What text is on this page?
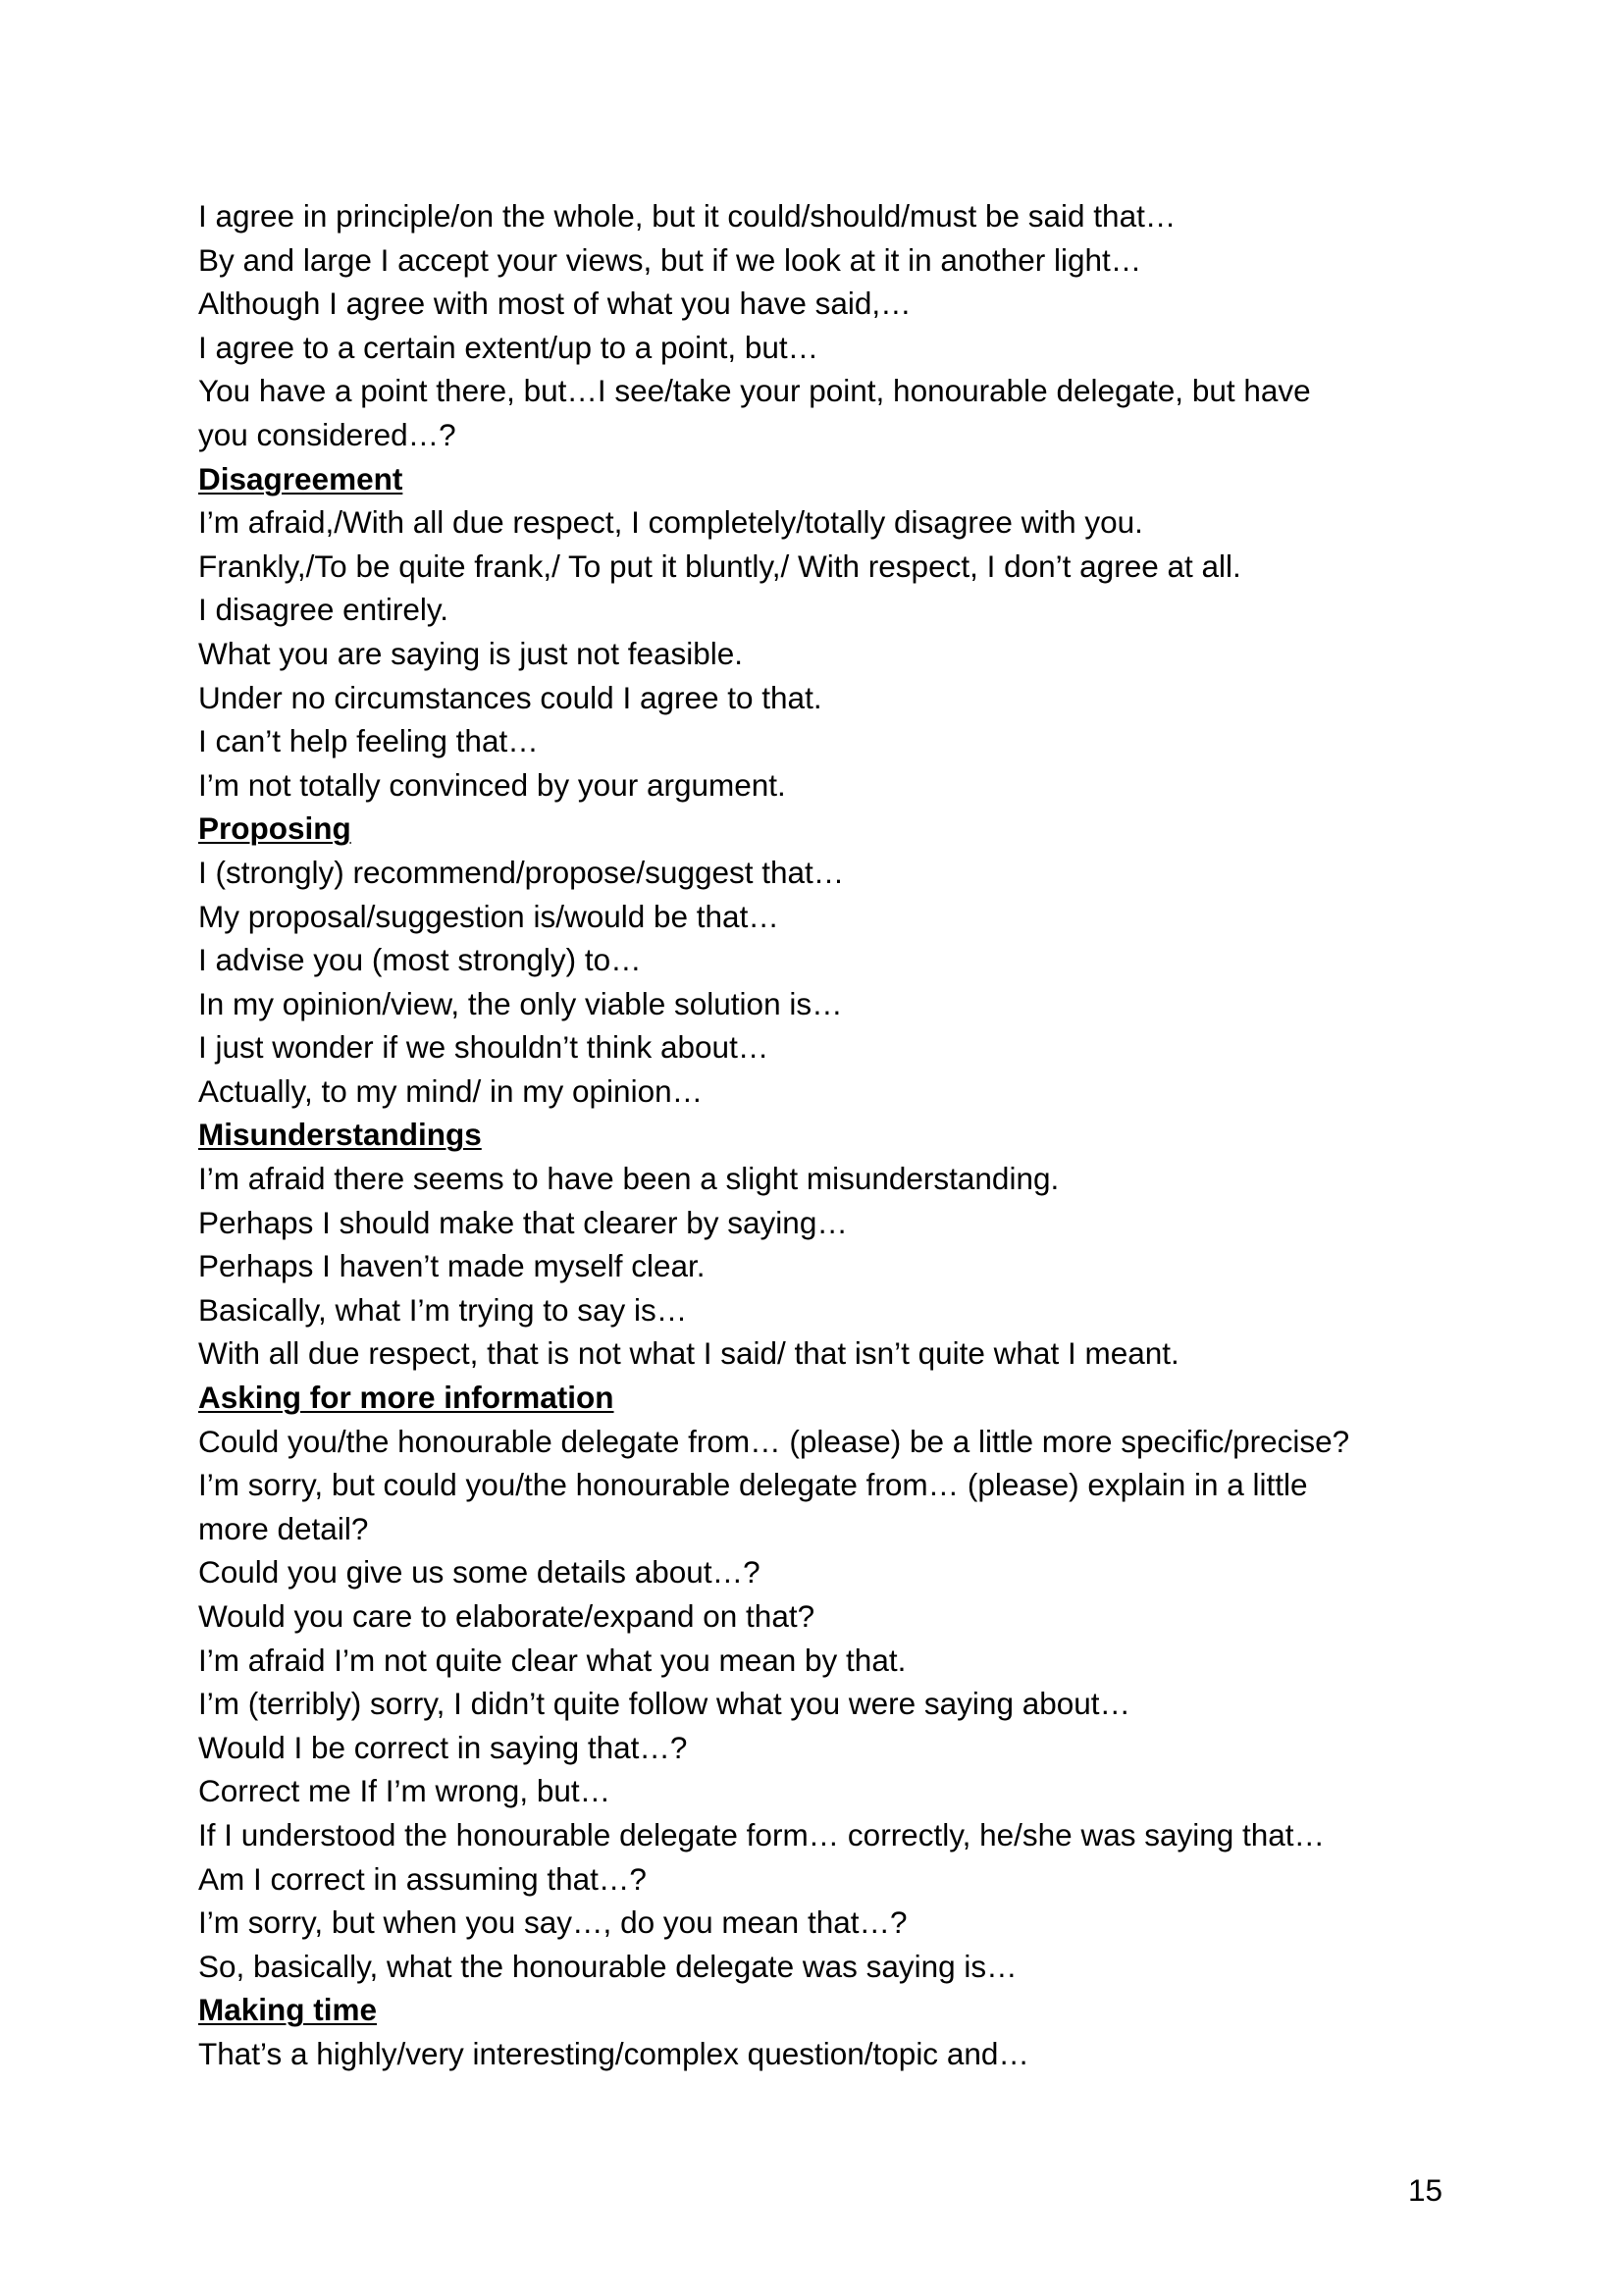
I agree in principle/on the whole, but it could/should/must be said that…
By and large I accept your views, but if we look at it in another light…
Although I agree with most of what you have said,…
I agree to a certain extent/up to a point, but…
You have a point there, but…I see/take your point, honourable delegate, but have
you considered…?
Disagreement
I’m afraid,/With all due respect, I completely/totally disagree with you.
Frankly,/To be quite frank,/ To put it bluntly,/ With respect, I don’t agree at all.
I disagree entirely.
What you are saying is just not feasible.
Under no circumstances could I agree to that.
I can’t help feeling that…
I’m not totally convinced by your argument.
Proposing
I (strongly) recommend/propose/suggest that…
My proposal/suggestion is/would be that…
I advise you (most strongly) to…
In my opinion/view, the only viable solution is…
I just wonder if we shouldn’t think about…
Actually, to my mind/ in my opinion…
Misunderstandings
I’m afraid there seems to have been a slight misunderstanding.
Perhaps I should make that clearer by saying…
Perhaps I haven’t made myself clear.
Basically, what I’m trying to say is…
With all due respect, that is not what I said/ that isn’t quite what I meant.
Asking for more information
Could you/the honourable delegate from… (please) be a little more specific/precise?
I’m sorry, but could you/the honourable delegate from… (please) explain in a little
more detail?
Could you give us some details about…?
Would you care to elaborate/expand on that?
I’m afraid I’m not quite clear what you mean by that.
I’m (terribly) sorry, I didn’t quite follow what you were saying about…
Would I be correct in saying that…?
Correct me If I’m wrong, but…
If I understood the honourable delegate form… correctly, he/she was saying that…
Am I correct in assuming that…?
I’m sorry, but when you say…, do you mean that…?
So, basically, what the honourable delegate was saying is…
Making time
That’s a highly/very interesting/complex question/topic and…
15
